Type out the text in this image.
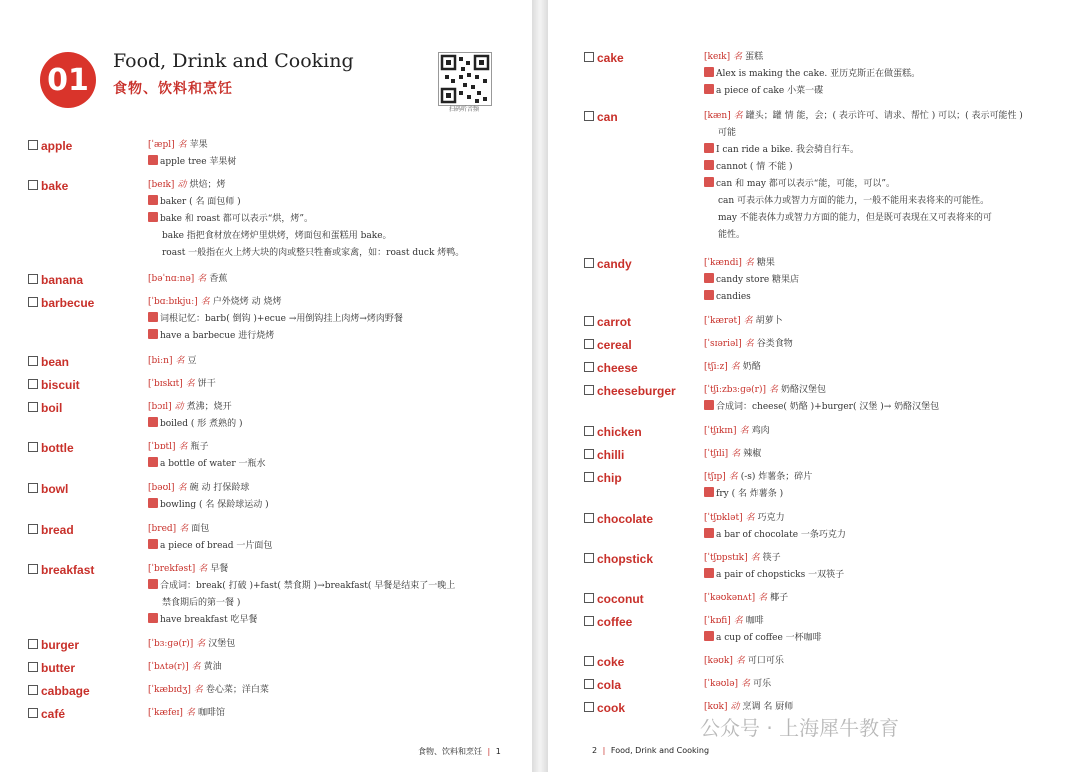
01
Food, Drink and Cooking
食物、饮料和烹饪
扫码听音频
apple	[ˈæpl] 名 苹果
apple tree 苹果树
bake	[beɪk] 动 烘焙；烤
baker ( 名 面包师 )
bake 和 roast 都可以表示“烘，烤”。
bake 指把食材放在烤炉里烘烤，烤面包和蛋糕用 bake。
roast 一般指在火上烤大块的肉或整只牲畜或家禽，如：roast duck 烤鸭。
banana	[bəˈnɑːnə] 名 香蕉
barbecue	[ˈbɑːbɪkjuː] 名 户外烧烤 动 烧烤
词根记忆：barb( 倒钩 )+ecue →用倒钩挂上肉烤→烤肉野餐
have a barbecue 进行烧烤
bean	[biːn] 名 豆
biscuit	[ˈbɪskɪt] 名 饼干
boil	[bɔɪl] 动 煮沸；烧开
boiled ( 形 煮熟的 )
bottle	[ˈbɒtl] 名 瓶子
a bottle of water 一瓶水
bowl	[bəʊl] 名 碗 动 打保龄球
bowling ( 名 保龄球运动 )
bread	[bred] 名 面包
a piece of bread 一片面包
breakfast	[ˈbrekfəst] 名 早餐
合成词：break( 打破 )+fast( 禁食期 )→breakfast( 早餐是结束了一晚上
禁食期后的第一餐 )
have breakfast 吃早餐
burger	[ˈbɜːɡə(r)] 名 汉堡包
butter	[ˈbʌtə(r)] 名 黄油
cabbage	[ˈkæbɪdʒ] 名 卷心菜；洋白菜
café	[ˈkæfeɪ] 名 咖啡馆
食物、饮料和烹饪 | 1
cake	[keɪk] 名 蛋糕
Alex is making the cake. 亚历克斯正在做蛋糕。
a piece of cake 小菜一碟
can	[kæn] 名 罐头；罐 情 能，会；( 表示许可、请求、帮忙 ) 可以；( 表示可能性 )
可能
I can ride a bike. 我会骑自行车。
cannot ( 情 不能 )
can 和 may 都可以表示“能，可能，可以”。
can 可表示体力或智力方面的能力，一般不能用来表将来的可能性。
may 不能表体力或智力方面的能力，但是既可表现在又可表将来的可
能性。
candy	[ˈkændi] 名 糖果
candy store 糖果店
candies
carrot	[ˈkærət] 名 胡萝卜
cereal	[ˈsɪəriəl] 名 谷类食物
cheese	[tʃiːz] 名 奶酪
cheeseburger	[ˈtʃiːzbɜːɡə(r)] 名 奶酪汉堡包
合成词：cheese( 奶酪 )+burger( 汉堡 )→ 奶酪汉堡包
chicken	[ˈtʃɪkɪn] 名 鸡肉
chilli	[ˈtʃɪli] 名 辣椒
chip	[tʃɪp] 名 (-s) 炸薯条；碎片
fry ( 名 炸薯条 )
chocolate	[ˈtʃɒklət] 名 巧克力
a bar of chocolate 一条巧克力
chopstick	[ˈtʃɒpstɪk] 名 筷子
a pair of chopsticks 一双筷子
coconut	[ˈkəʊkənʌt] 名 椰子
coffee	[ˈkɒfi] 名 咖啡
a cup of coffee 一杯咖啡
coke	[kəʊk] 名 可口可乐
cola	[ˈkəʊlə] 名 可乐
cook	[kʊk] 动 烹调 名 厨师
2 | Food, Drink and Cooking
公众号 · 上海犀牛教育
